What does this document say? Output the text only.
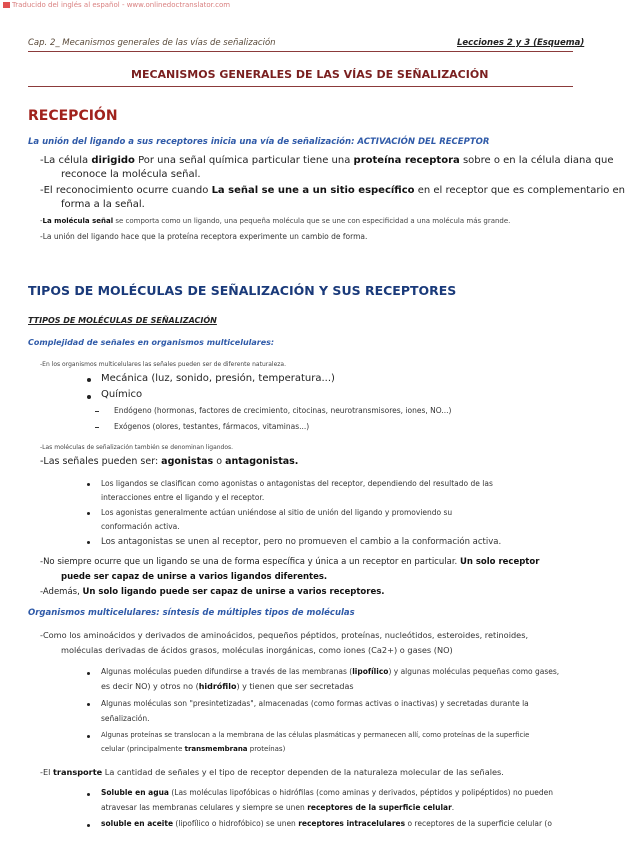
Traducido del inglés al español - www.onlinedoctranslator.com
Cap. 2_ Mecanismos generales de las vías de señalización	Lecciones 2 y 3 (Esquema)
MECANISMOS GENERALES DE LAS VÍAS DE SEÑALIZACIÓN
RECEPCIÓN
La unión del ligando a sus receptores inicia una vía de señalización: ACTIVACIÓN DEL RECEPTOR
-La célula dirigido Por una señal química particular tiene una proteína receptora sobre o en la célula diana que
reconoce la molécula señal.
-El reconocimiento ocurre cuando La señal se une a un sitio específico en el receptor que es complementario en
forma a la señal.
-La molécula señal se comporta como un ligando, una pequeña molécula que se une con especificidad a una molécula más grande.
-La unión del ligando hace que la proteína receptora experimente un cambio de forma.
TIPOS DE MOLÉCULAS DE SEÑALIZACIÓN Y SUS RECEPTORES
TTIPOS DE MOLÉCULAS DE SEÑALIZACIÓN
Complejidad de señales en organismos multicelulares:
-En los organismos multicelulares las señales pueden ser de diferente naturaleza.
Mecánica (luz, sonido, presión, temperatura...)
Químico
Endógeno (hormonas, factores de crecimiento, citocinas, neurotransmisores, iones, NO...)
Exógenos (olores, testantes, fármacos, vitaminas...)
-Las moléculas de señalización también se denominan ligandos.
-Las señales pueden ser: agonistas o antagonistas.
Los ligandos se clasifican como agonistas o antagonistas del receptor, dependiendo del resultado de las
interacciones entre el ligando y el receptor.
Los agonistas generalmente actúan uniéndose al sitio de unión del ligando y promoviendo su
conformación activa.
Los antagonistas se unen al receptor, pero no promueven el cambio a la conformación activa.
-No siempre ocurre que un ligando se una de forma específica y única a un receptor en particular. Un solo receptor
puede ser capaz de unirse a varios ligandos diferentes.
-Además, Un solo ligando puede ser capaz de unirse a varios receptores.
Organismos multicelulares: síntesis de múltiples tipos de moléculas
-Como los aminoácidos y derivados de aminoácidos, pequeños péptidos, proteínas, nucleótidos, esteroides, retinoides,
moléculas derivadas de ácidos grasos, moléculas inorgánicas, como iones (Ca2+) o gases (NO)
Algunas moléculas pueden difundirse a través de las membranas (lipofílico) y algunas moléculas pequeñas como gases,
es decir NO) y otros no (hidrófilo) y tienen que ser secretadas
Algunas moléculas son "presintetizadas", almacenadas (como formas activas o inactivas) y secretadas durante la
señalización.
Algunas proteínas se translocan a la membrana de las células plasmáticas y permanecen allí, como proteínas de la superficie
celular (principalmente transmembrana proteínas)
-El transporte La cantidad de señales y el tipo de receptor dependen de la naturaleza molecular de las señales.
Soluble en agua (Las moléculas lipofóbicas o hidrófilas (como aminas y derivados, péptidos y polipéptidos) no pueden
atravesar las membranas celulares y siempre se unen receptores de la superficie celular.
soluble en aceite (lipofílico o hidrofóbico) se unen receptores intracelulares o receptores de la superficie celular (o
